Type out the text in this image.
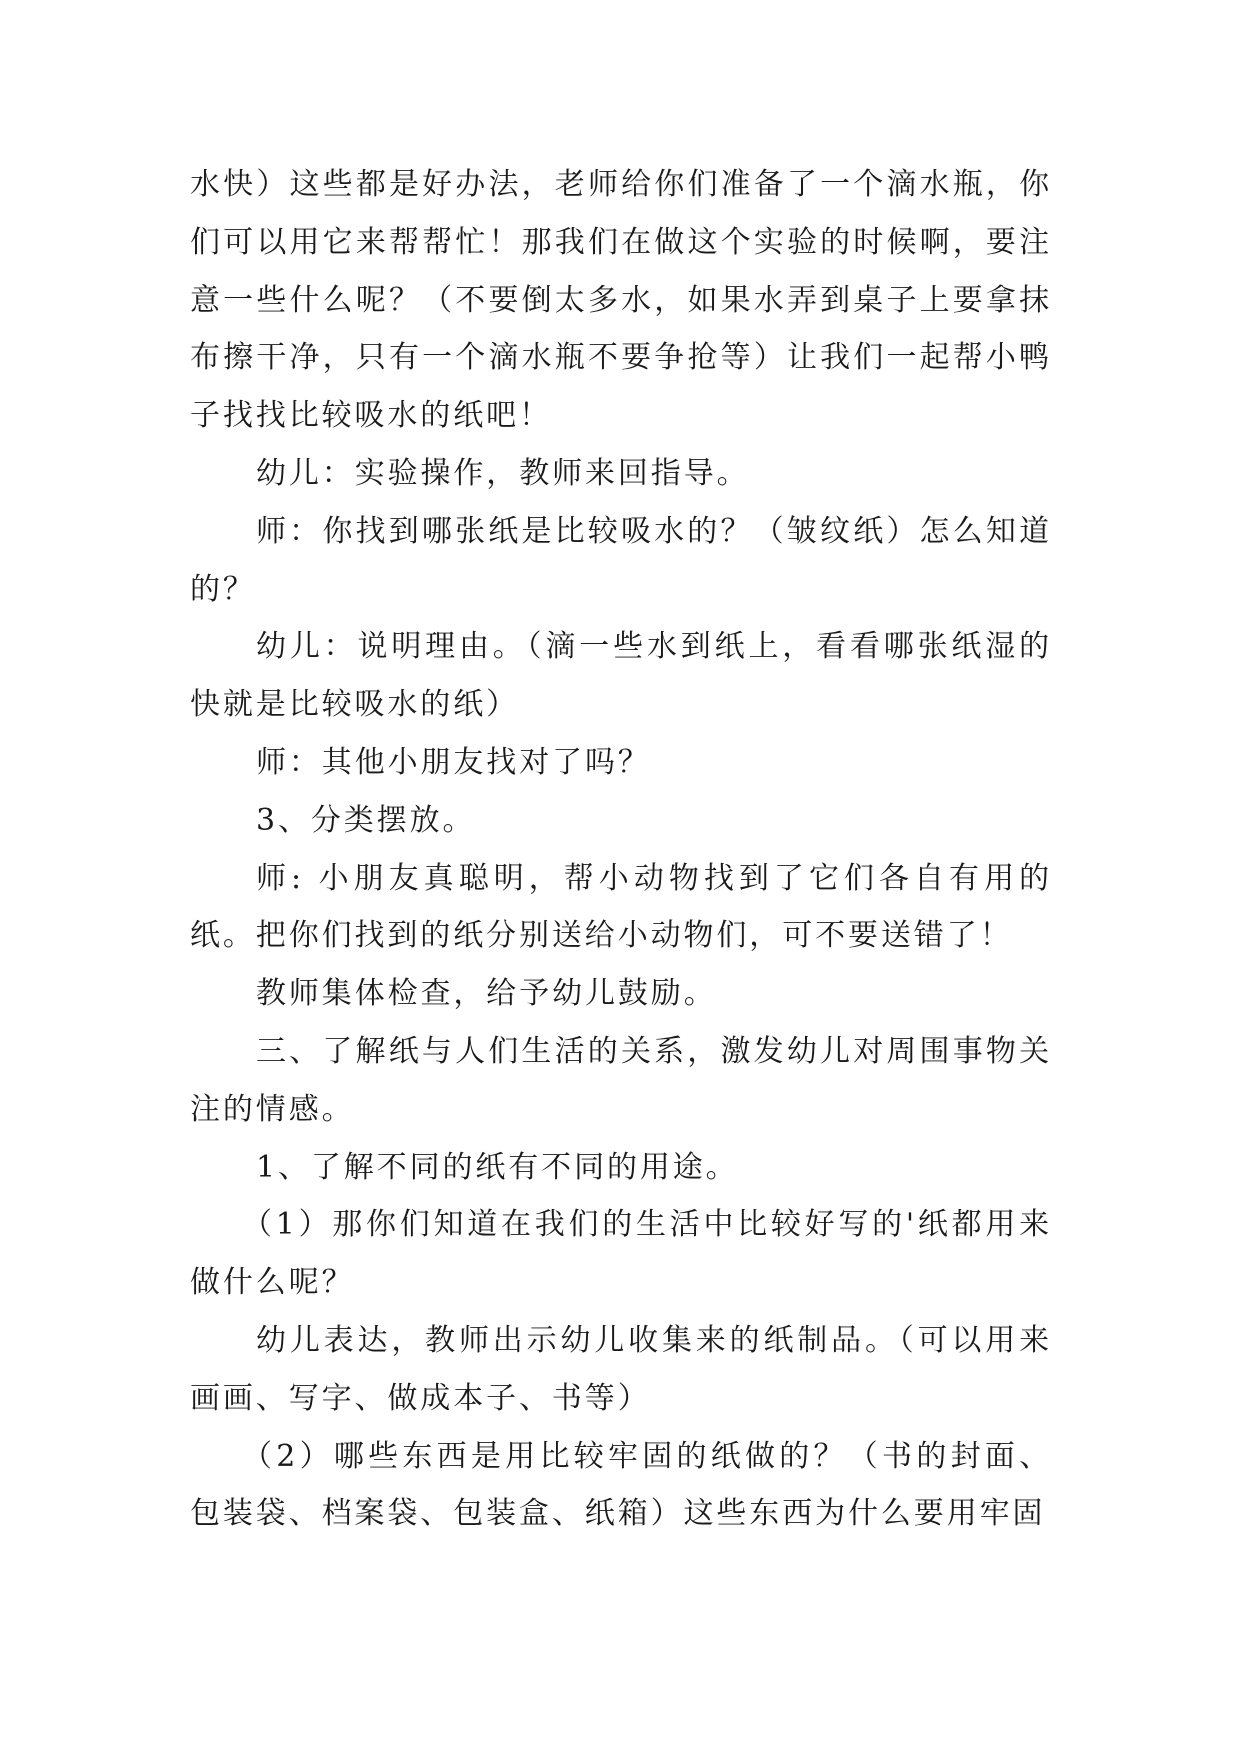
水快）这些都是好办法，老师给你们准备了一个滴水瓶，你们可以用它来帮帮忙！那我们在做这个实验的时候啊，要注意一些什么呢？（不要倒太多水，如果水弄到桌子上要拿抹布擦干净，只有一个滴水瓶不要争抢等）让我们一起帮小鸭子找找比较吸水的纸吧！

幼儿：实验操作，教师来回指导。

师：你找到哪张纸是比较吸水的？（皱纹纸）怎么知道的？

幼儿：说明理由。（滴一些水到纸上，看看哪张纸湿的快就是比较吸水的纸）

师：其他小朋友找对了吗？

3、分类摆放。

师: 小朋友真聪明，帮小动物找到了它们各自有用的纸。把你们找到的纸分别送给小动物们，可不要送错了！

教师集体检查，给予幼儿鼓励。

三、了解纸与人们生活的关系，激发幼儿对周围事物关注的情感。

1、了解不同的纸有不同的用途。

（1）那你们知道在我们的生活中比较好写的'纸都用来做什么呢？

幼儿表达，教师出示幼儿收集来的纸制品。（可以用来画画、写字、做成本子、书等）

（2）哪些东西是用比较牢固的纸做的？（书的封面、包装袋、档案袋、包装盒、纸箱）这些东西为什么要用牢固
